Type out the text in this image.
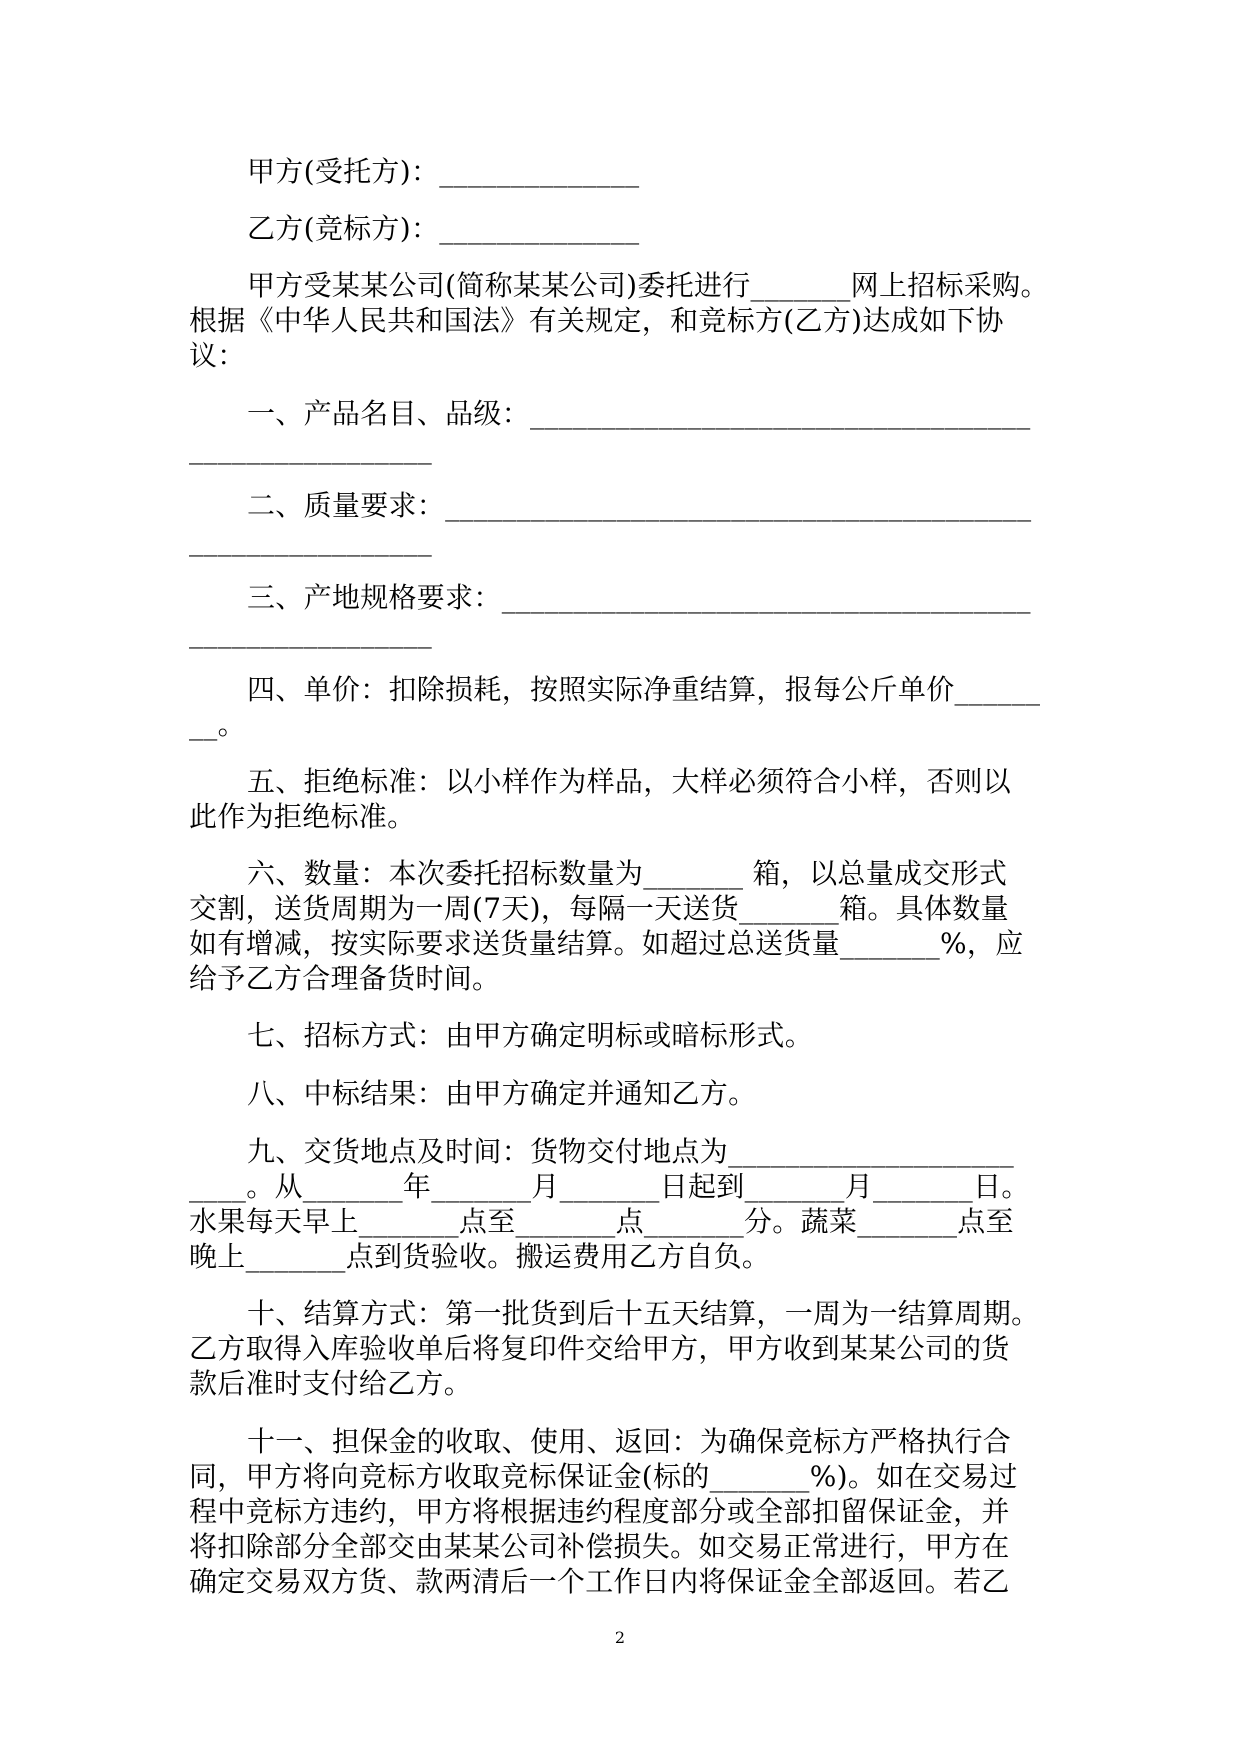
甲方(受托方)：______________
乙方(竞标方)：______________
甲方受某某公司(简称某某公司)委托进行_______网上招标采购。
根据《中华人民共和国法》有关规定，和竞标方(乙方)达成如下协
议：
一、产品名目、品级：___________________________________
_________________
二、质量要求：_________________________________________
_________________
三、产地规格要求：_____________________________________
_________________
四、单价：扣除损耗，按照实际净重结算，报每公斤单价______
__。
五、拒绝标准：以小样作为样品，大样必须符合小样，否则以
此作为拒绝标准。
六、数量：本次委托招标数量为_______ 箱，以总量成交形式
交割，送货周期为一周(7天)，每隔一天送货_______箱。具体数量
如有增减，按实际要求送货量结算。如超过总送货量_______%，应
给予乙方合理备货时间。
七、招标方式：由甲方确定明标或暗标形式。
八、中标结果：由甲方确定并通知乙方。
九、交货地点及时间：货物交付地点为____________________
____。从_______年_______月_______日起到_______月_______日。
水果每天早上_______点至_______点_______分。蔬菜_______点至
晚上_______点到货验收。搬运费用乙方自负。
十、结算方式：第一批货到后十五天结算，一周为一结算周期。
乙方取得入库验收单后将复印件交给甲方，甲方收到某某公司的货
款后准时支付给乙方。
十一、担保金的收取、使用、返回：为确保竞标方严格执行合
同，甲方将向竞标方收取竞标保证金(标的_______%)。如在交易过
程中竞标方违约，甲方将根据违约程度部分或全部扣留保证金，并
将扣除部分全部交由某某公司补偿损失。如交易正常进行，甲方在
确定交易双方货、款两清后一个工作日内将保证金全部返回。若乙
2
